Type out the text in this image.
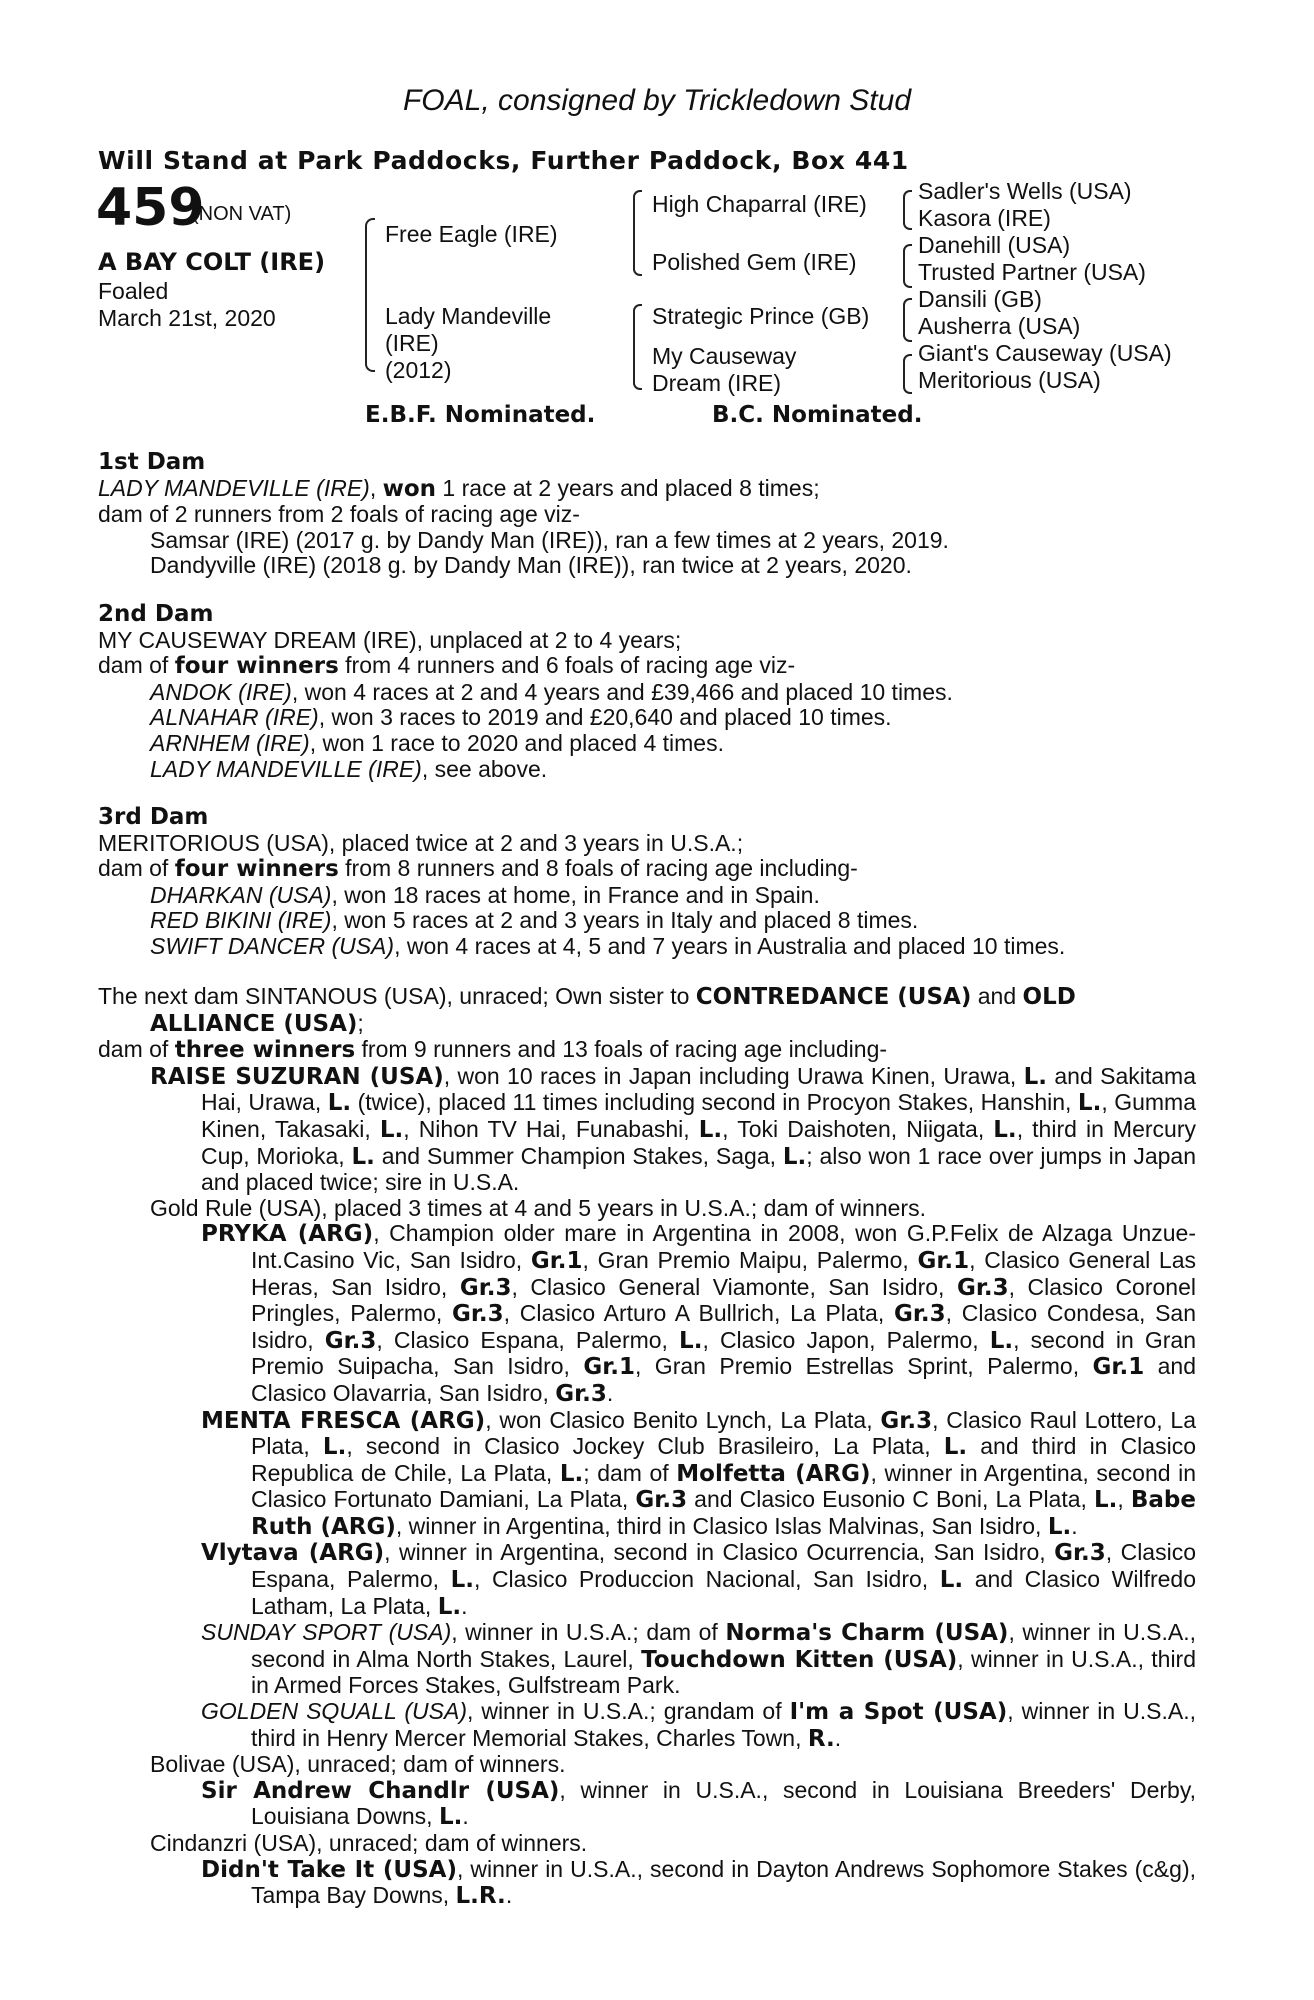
FOAL, consigned by Trickledown Stud
Will Stand at Park Paddocks, Further Paddock, Box 441
459
(NON VAT)
A BAY COLT (IRE)
Foaled
March 21st, 2020
Free Eagle (IRE)
Lady Mandeville
(IRE)
(2012)
High Chaparral (IRE)
Polished Gem (IRE)
Strategic Prince (GB)
My Causeway
Dream (IRE)
Sadler's Wells (USA)
Kasora (IRE)
Danehill (USA)
Trusted Partner (USA)
Dansili (GB)
Ausherra (USA)
Giant's Causeway (USA)
Meritorious (USA)
E.B.F. Nominated.	B.C. Nominated.
1st Dam
LADY MANDEVILLE (IRE), won 1 race at 2 years and placed 8 times;
dam of 2 runners from 2 foals of racing age viz-
Samsar (IRE) (2017 g. by Dandy Man (IRE)), ran a few times at 2 years, 2019.
Dandyville (IRE) (2018 g. by Dandy Man (IRE)), ran twice at 2 years, 2020.
2nd Dam
MY CAUSEWAY DREAM (IRE), unplaced at 2 to 4 years;
dam of four winners from 4 runners and 6 foals of racing age viz-
ANDOK (IRE), won 4 races at 2 and 4 years and £39,466 and placed 10 times.
ALNAHAR (IRE), won 3 races to 2019 and £20,640 and placed 10 times.
ARNHEM (IRE), won 1 race to 2020 and placed 4 times.
LADY MANDEVILLE (IRE), see above.
3rd Dam
MERITORIOUS (USA), placed twice at 2 and 3 years in U.S.A.;
dam of four winners from 8 runners and 8 foals of racing age including-
DHARKAN (USA), won 18 races at home, in France and in Spain.
RED BIKINI (IRE), won 5 races at 2 and 3 years in Italy and placed 8 times.
SWIFT DANCER (USA), won 4 races at 4, 5 and 7 years in Australia and placed 10 times.
The next dam SINTANOUS (USA), unraced; Own sister to CONTREDANCE (USA) and OLD ALLIANCE (USA);
dam of three winners from 9 runners and 13 foals of racing age including-
RAISE SUZURAN (USA), won 10 races in Japan including Urawa Kinen, Urawa, L. and Sakitama Hai, Urawa, L. (twice), placed 11 times including second in Procyon Stakes, Hanshin, L., Gumma Kinen, Takasaki, L., Nihon TV Hai, Funabashi, L., Toki Daishoten, Niigata, L., third in Mercury Cup, Morioka, L. and Summer Champion Stakes, Saga, L.; also won 1 race over jumps in Japan and placed twice; sire in U.S.A.
Gold Rule (USA), placed 3 times at 4 and 5 years in U.S.A.; dam of winners.
PRYKA (ARG), Champion older mare in Argentina in 2008, won G.P.Felix de Alzaga Unzue-Int.Casino Vic, San Isidro, Gr.1, Gran Premio Maipu, Palermo, Gr.1, Clasico General Las Heras, San Isidro, Gr.3, Clasico General Viamonte, San Isidro, Gr.3, Clasico Coronel Pringles, Palermo, Gr.3, Clasico Arturo A Bullrich, La Plata, Gr.3, Clasico Condesa, San Isidro, Gr.3, Clasico Espana, Palermo, L., Clasico Japon, Palermo, L., second in Gran Premio Suipacha, San Isidro, Gr.1, Gran Premio Estrellas Sprint, Palermo, Gr.1 and Clasico Olavarria, San Isidro, Gr.3.
MENTA FRESCA (ARG), won Clasico Benito Lynch, La Plata, Gr.3, Clasico Raul Lottero, La Plata, L., second in Clasico Jockey Club Brasileiro, La Plata, L. and third in Clasico Republica de Chile, La Plata, L.; dam of Molfetta (ARG), winner in Argentina, second in Clasico Fortunato Damiani, La Plata, Gr.3 and Clasico Eusonio C Boni, La Plata, L., Babe Ruth (ARG), winner in Argentina, third in Clasico Islas Malvinas, San Isidro, L..
Vlytava (ARG), winner in Argentina, second in Clasico Ocurrencia, San Isidro, Gr.3, Clasico Espana, Palermo, L., Clasico Produccion Nacional, San Isidro, L. and Clasico Wilfredo Latham, La Plata, L..
SUNDAY SPORT (USA), winner in U.S.A.; dam of Norma's Charm (USA), winner in U.S.A., second in Alma North Stakes, Laurel, Touchdown Kitten (USA), winner in U.S.A., third in Armed Forces Stakes, Gulfstream Park.
GOLDEN SQUALL (USA), winner in U.S.A.; grandam of I'm a Spot (USA), winner in U.S.A., third in Henry Mercer Memorial Stakes, Charles Town, R..
Bolivae (USA), unraced; dam of winners.
Sir Andrew Chandlr (USA), winner in U.S.A., second in Louisiana Breeders' Derby, Louisiana Downs, L..
Cindanzri (USA), unraced; dam of winners.
Didn't Take It (USA), winner in U.S.A., second in Dayton Andrews Sophomore Stakes (c&g), Tampa Bay Downs, L.R..
